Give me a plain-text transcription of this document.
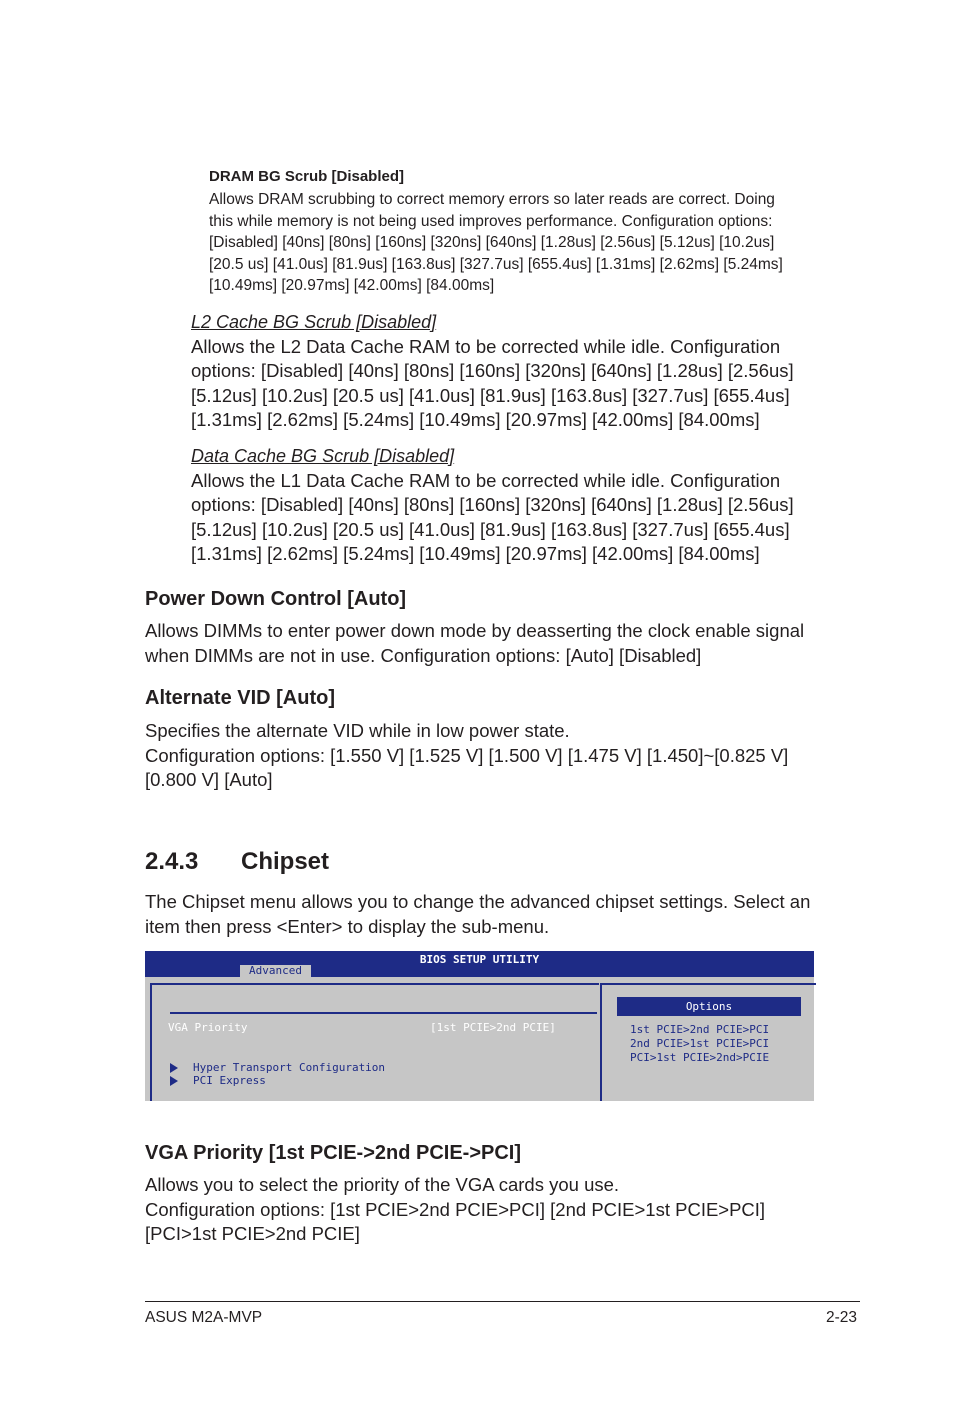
DRAM BG Scrub [Disabled]
Allows DRAM scrubbing to correct memory errors so later reads are correct. Doing
this while memory is not being used improves performance. Configuration options:
[Disabled] [40ns] [80ns] [160ns] [320ns] [640ns] [1.28us] [2.56us] [5.12us] [10.2us]
[20.5 us] [41.0us] [81.9us] [163.8us] [327.7us] [655.4us] [1.31ms] [2.62ms] [5.24ms]
[10.49ms] [20.97ms] [42.00ms] [84.00ms]
L2 Cache BG Scrub [Disabled]
Allows the L2 Data Cache RAM to be corrected while idle. Configuration
options: [Disabled] [40ns] [80ns] [160ns] [320ns] [640ns] [1.28us] [2.56us]
[5.12us] [10.2us] [20.5 us] [41.0us] [81.9us] [163.8us] [327.7us] [655.4us]
[1.31ms] [2.62ms] [5.24ms] [10.49ms] [20.97ms] [42.00ms] [84.00ms]
Data Cache BG Scrub [Disabled]
Allows the L1 Data Cache RAM to be corrected while idle. Configuration
options: [Disabled] [40ns] [80ns] [160ns] [320ns] [640ns] [1.28us] [2.56us]
[5.12us] [10.2us] [20.5 us] [41.0us] [81.9us] [163.8us] [327.7us] [655.4us]
[1.31ms] [2.62ms] [5.24ms] [10.49ms] [20.97ms] [42.00ms] [84.00ms]
Power Down Control [Auto]
Allows DIMMs to enter power down mode by deasserting the clock enable signal
when DIMMs are not in use. Configuration options: [Auto] [Disabled]
Alternate VID [Auto]
Specifies the alternate VID while in low power state.
Configuration options: [1.550 V] [1.525 V] [1.500 V] [1.475 V] [1.450]~[0.825 V]
[0.800 V] [Auto]
2.4.3 Chipset
The Chipset menu allows you to change the advanced chipset settings. Select an
item then press <Enter> to display the sub-menu.
BIOS SETUP UTILITY
Advanced
VGA Priority	[1st PCIE>2nd PCIE]
Hyper Transport Configuration
PCI Express
Options
1st PCIE>2nd PCIE>PCI
2nd PCIE>1st PCIE>PCI
PCI>1st PCIE>2nd>PCIE
VGA Priority [1st PCIE->2nd PCIE->PCI]
Allows you to select the priority of the VGA cards you use.
Configuration options: [1st PCIE>2nd PCIE>PCI] [2nd PCIE>1st PCIE>PCI]
[PCI>1st PCIE>2nd PCIE]
ASUS M2A-MVP	2-23
